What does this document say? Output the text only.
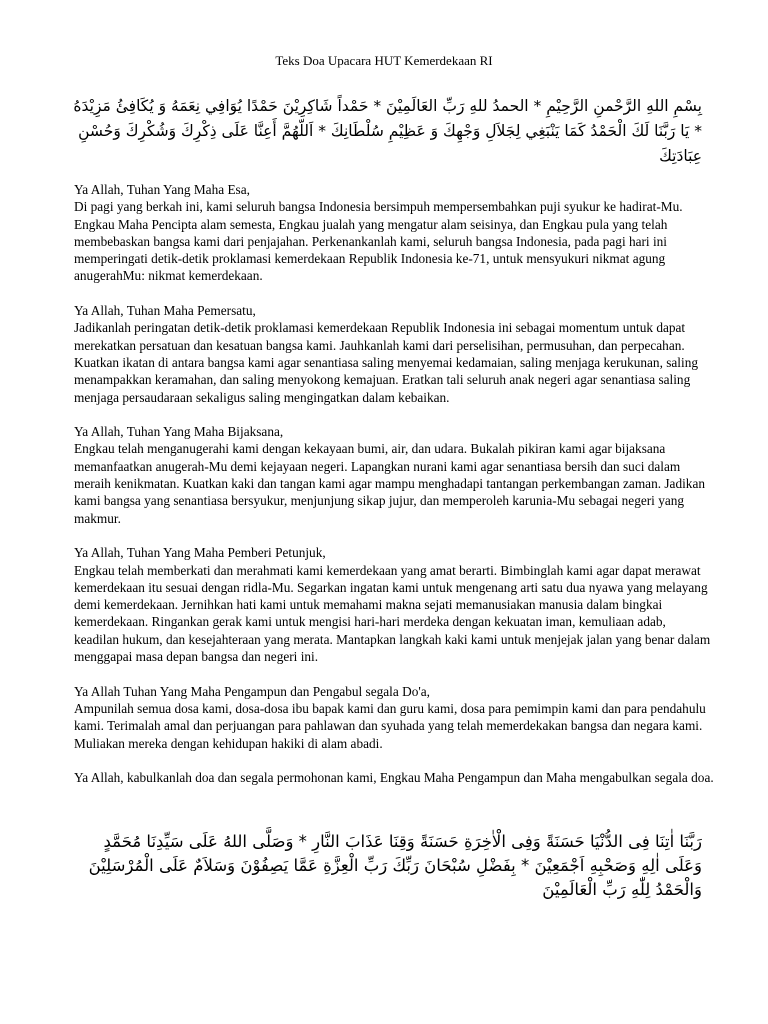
Teks Doa Upacara HUT Kemerdekaan RI
بِسْمِ اللهِ الرَّحْمنِ الرَّحِيْمِ * الحمدُ للهِ رَبِّ العَالَمِيْنَ * حَمْداً شَاكِرِيْنَ حَمْدًا يُوَافِي نِعَمَهُ وَ يُكَافِئُ مَزِيْدَهُ * يَا رَبَّنَا لَكَ الْحَمْدُ كَمَا يَنْبَغِي لِجَلاَلِ وَجْهِكَ وَ عَظِيْمِ سُلْطَانِكَ * اَللّهُمَّ أَعِنَّا عَلَى ذِكْرِكَ وَشُكْرِكَ وَحُسْنِ عِبَادَتِكَ

Ya Allah, Tuhan Yang Maha Esa,

Di pagi yang berkah ini, kami seluruh bangsa Indonesia bersimpuh mempersembahkan puji syukur ke hadirat-Mu. Engkau Maha Pencipta alam semesta, Engkau jualah yang mengatur alam seisinya, dan Engkau pula yang telah membebaskan bangsa kami dari penjajahan. Perkenankanlah kami, seluruh bangsa Indonesia, pada pagi hari ini memperingati detik-detik proklamasi kemerdekaan Republik Indonesia ke-71, untuk mensyukuri nikmat agung anugerahMu: nikmat kemerdekaan.

Ya Allah, Tuhan Maha Pemersatu,

Jadikanlah peringatan detik-detik proklamasi kemerdekaan Republik Indonesia ini sebagai momentum untuk dapat merekatkan persatuan dan kesatuan bangsa kami. Jauhkanlah kami dari perselisihan, permusuhan, dan perpecahan. Kuatkan ikatan di antara bangsa kami agar senantiasa saling menyemai kedamaian, saling menjaga kerukunan, saling menampakkan keramahan, dan saling menyokong kemajuan. Eratkan tali seluruh anak negeri agar senantiasa saling menjaga persaudaraan sekaligus saling mengingatkan dalam kebaikan.

Ya Allah, Tuhan Yang Maha Bijaksana,

Engkau telah menganugerahi kami dengan kekayaan bumi, air, dan udara. Bukalah pikiran kami agar bijaksana memanfaatkan anugerah-Mu demi kejayaan negeri. Lapangkan nurani kami agar senantiasa bersih dan suci dalam meraih kenikmatan. Kuatkan kaki dan tangan kami agar mampu menghadapi tantangan perkembangan zaman. Jadikan kami bangsa yang senantiasa bersyukur, menjunjung sikap jujur, dan memperoleh karunia-Mu sebagai negeri yang makmur.

Ya Allah, Tuhan Yang Maha Pemberi Petunjuk,

Engkau telah memberkati dan merahmati kami kemerdekaan yang amat berarti. Bimbinglah kami agar dapat merawat kemerdekaan itu sesuai dengan ridla-Mu. Segarkan ingatan kami untuk mengenang arti satu dua nyawa yang melayang demi kemerdekaan. Jernihkan hati kami untuk memahami makna sejati memanusiakan manusia dalam bingkai kemerdekaan. Ringankan gerak kami untuk mengisi hari-hari merdeka dengan kekuatan iman, kemuliaan adab, keadilan hukum, dan kesejahteraan yang merata. Mantapkan langkah kaki kami untuk menjejak jalan yang benar dalam menggapai masa depan bangsa dan negeri ini.

Ya Allah Tuhan Yang Maha Pengampun dan Pengabul segala Do'a,

Ampunilah semua dosa kami, dosa-dosa ibu bapak kami dan guru kami, dosa para pemimpin kami dan para pendahulu kami. Terimalah amal dan perjuangan para pahlawan dan syuhada yang telah memerdekakan bangsa dan negara kami. Muliakan mereka dengan kehidupan hakiki di alam abadi.

Ya Allah, kabulkanlah doa dan segala permohonan kami, Engkau Maha Pengampun dan Maha mengabulkan segala doa.

رَبَّنَا اٰتِنَا فِى الدُّنْيَا حَسَنَةً وَفِى الْاٰخِرَةِ حَسَنَةً وَقِنَا عَذَابَ النَّارِ * وَصَلَّى اللهُ عَلَى سَيِّدِنَا مُحَمَّدٍ وَعَلَى اٰلِهِ وَصَحْبِهِ اَجْمَعِيْنَ * بِفَضْلِ سُبْحَانَ رَبِّكَ رَبِّ الْعِزَّةِ عَمَّا يَصِفُوْنَ وَسَلاَمٌ عَلَى الْمُرْسَلِيْنَ وَالْحَمْدُ لِلّٰهِ رَبِّ الْعَالَمِيْنَ
